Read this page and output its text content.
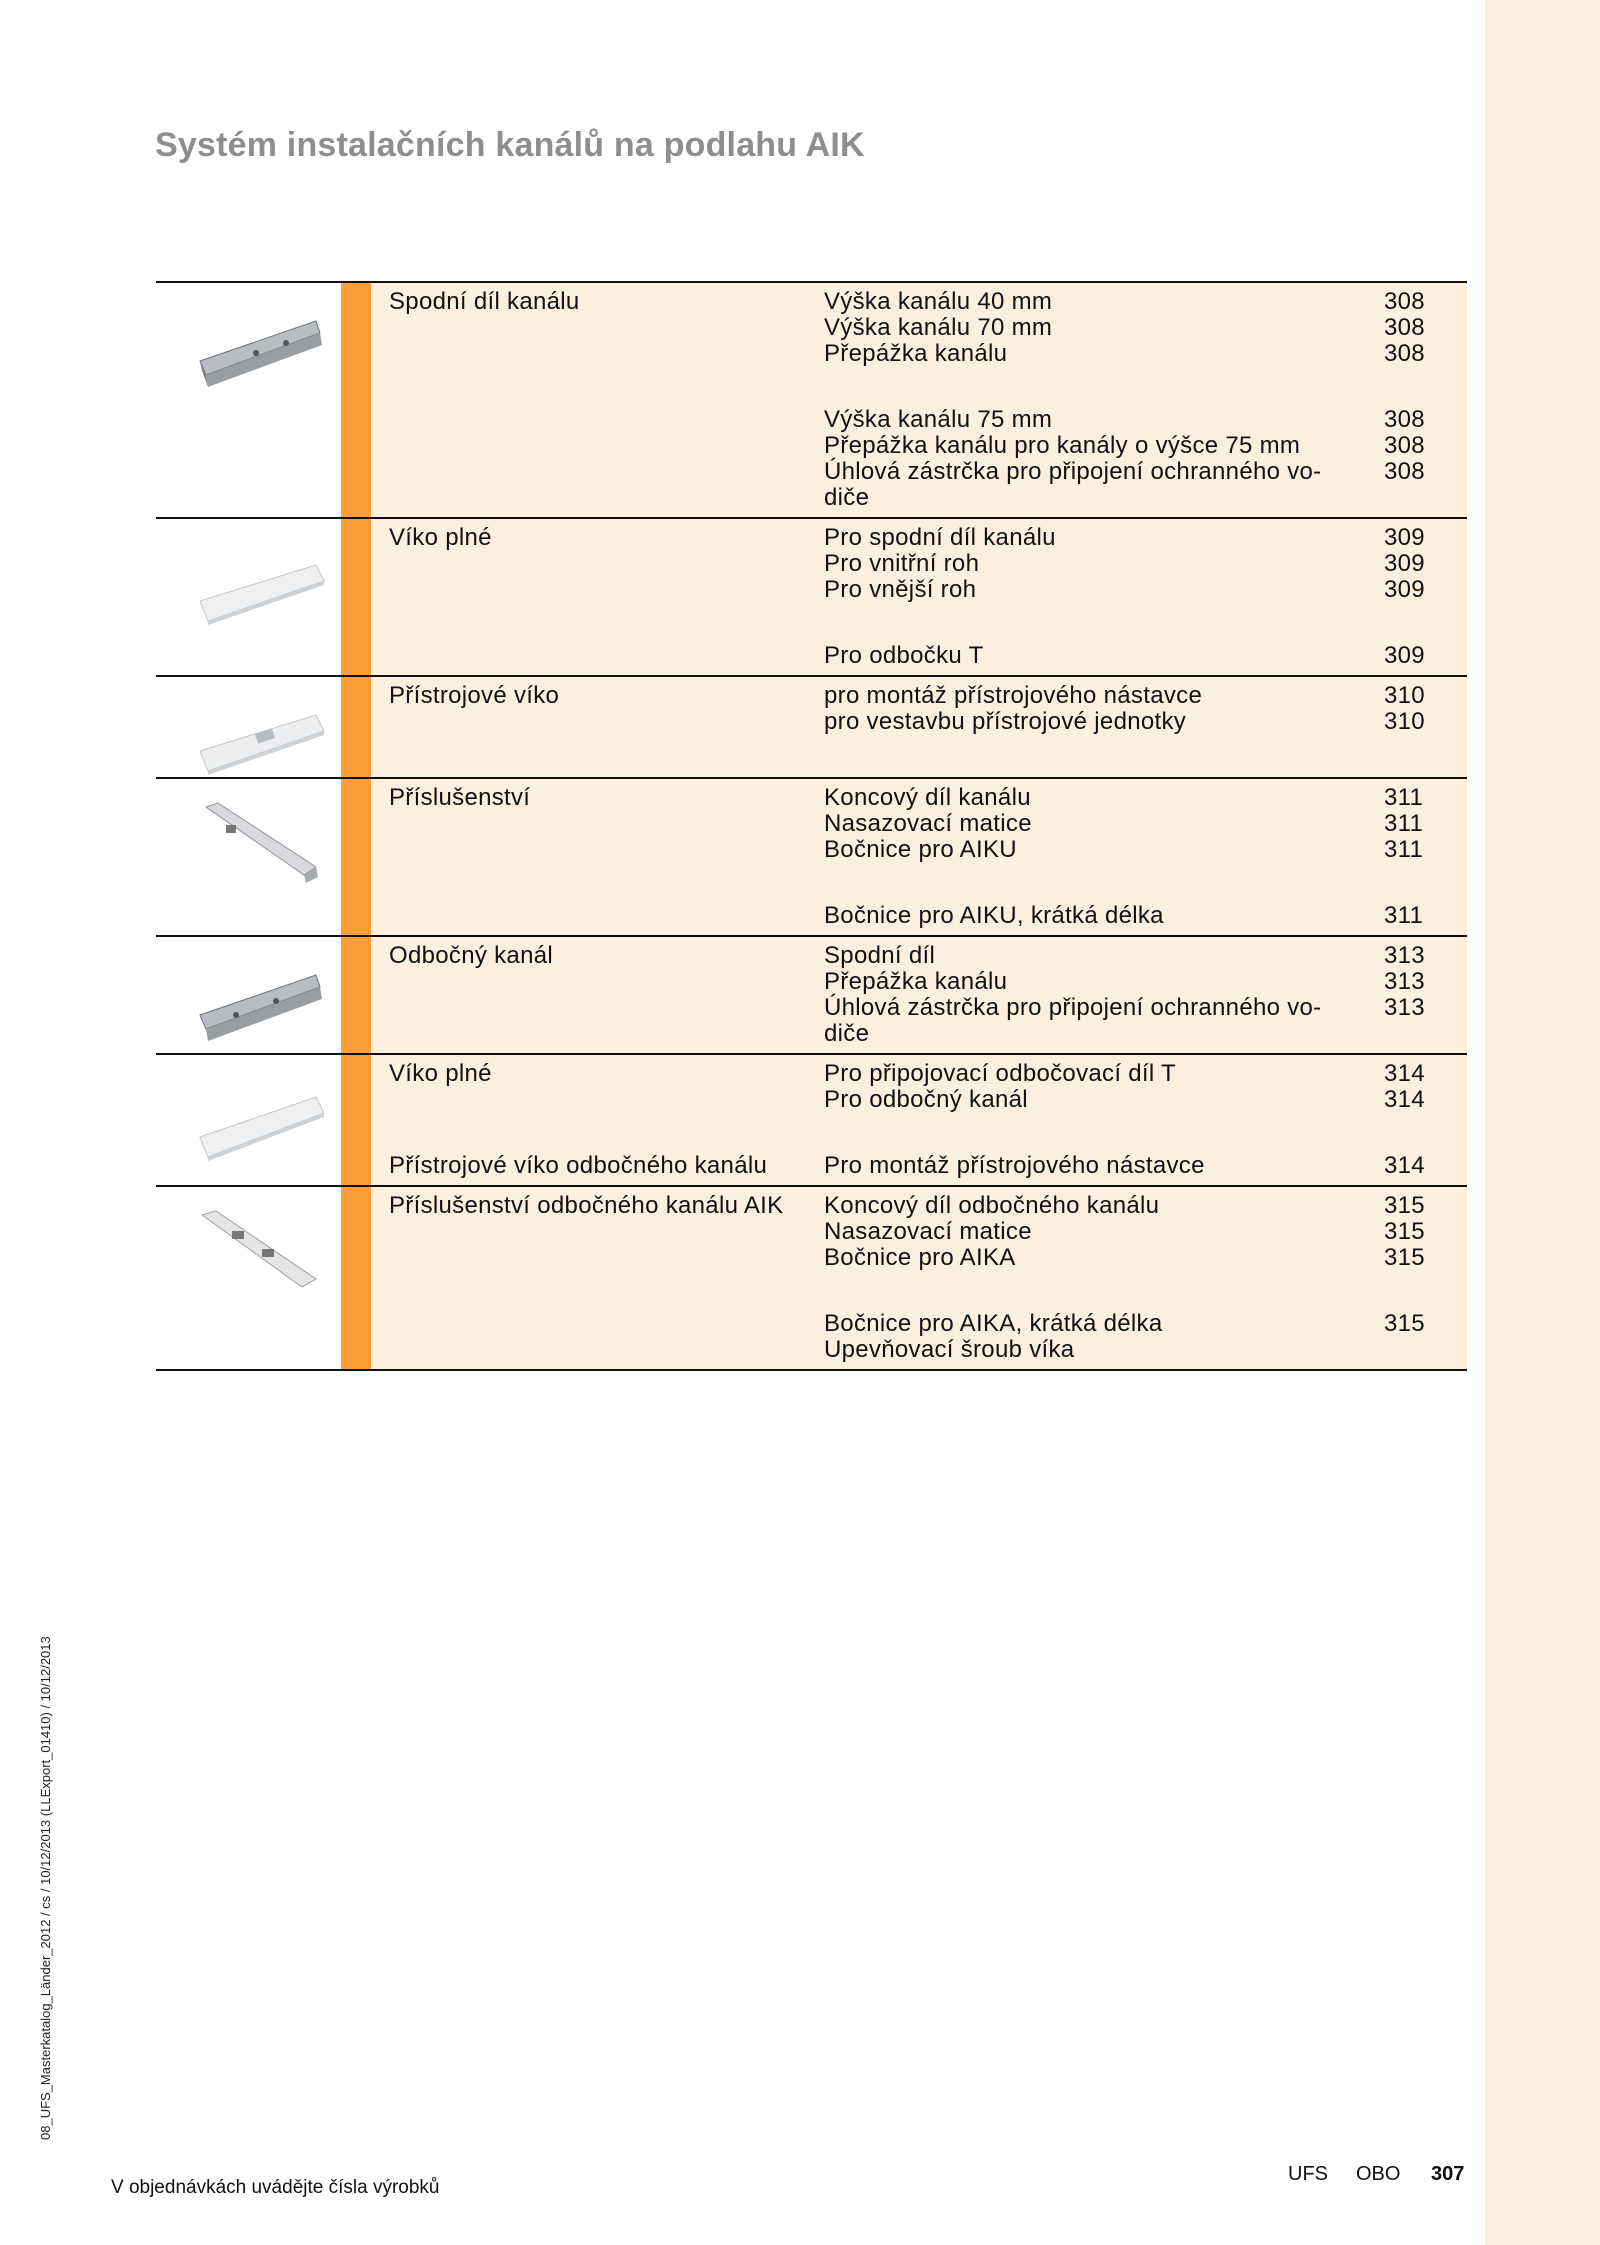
Systém instalačních kanálů na podlahu AIK
Spodní díl kanálu	Výška kanálu 40 mm	308
Výška kanálu 70 mm	308
Přepážka kanálu	308
Výška kanálu 75 mm	308
Přepážka kanálu pro kanály o výšce 75 mm	308
Úhlová zástrčka pro připojení ochranného vo-	308
diče
Víko plné	Pro spodní díl kanálu	309
Pro vnitřní roh	309
Pro vnější roh	309
Pro odbočku T	309
Přístrojové víko	pro montáž přístrojového nástavce	310
pro vestavbu přístrojové jednotky	310
Příslušenství	Koncový díl kanálu	311
Nasazovací matice	311
Bočnice pro AIKU	311
Bočnice pro AIKU, krátká délka	311
Odbočný kanál	Spodní díl	313
Přepážka kanálu	313
Úhlová zástrčka pro připojení ochranného vo-	313
diče
Víko plné	Pro připojovací odbočovací díl T	314
Pro odbočný kanál	314
Přístrojové víko odbočného kanálu	Pro montáž přístrojového nástavce	314
Příslušenství odbočného kanálu AIK	Koncový díl odbočného kanálu	315
Nasazovací matice	315
Bočnice pro AIKA	315
Bočnice pro AIKA, krátká délka	315
Upevňovací šroub víka
08_UFS_Masterkatalog_Länder_2012 / cs / 10/12/2013 (LLExport_01410) / 10/12/2013
V objednávkách uvádějte čísla výrobků
UFS OBO 307
